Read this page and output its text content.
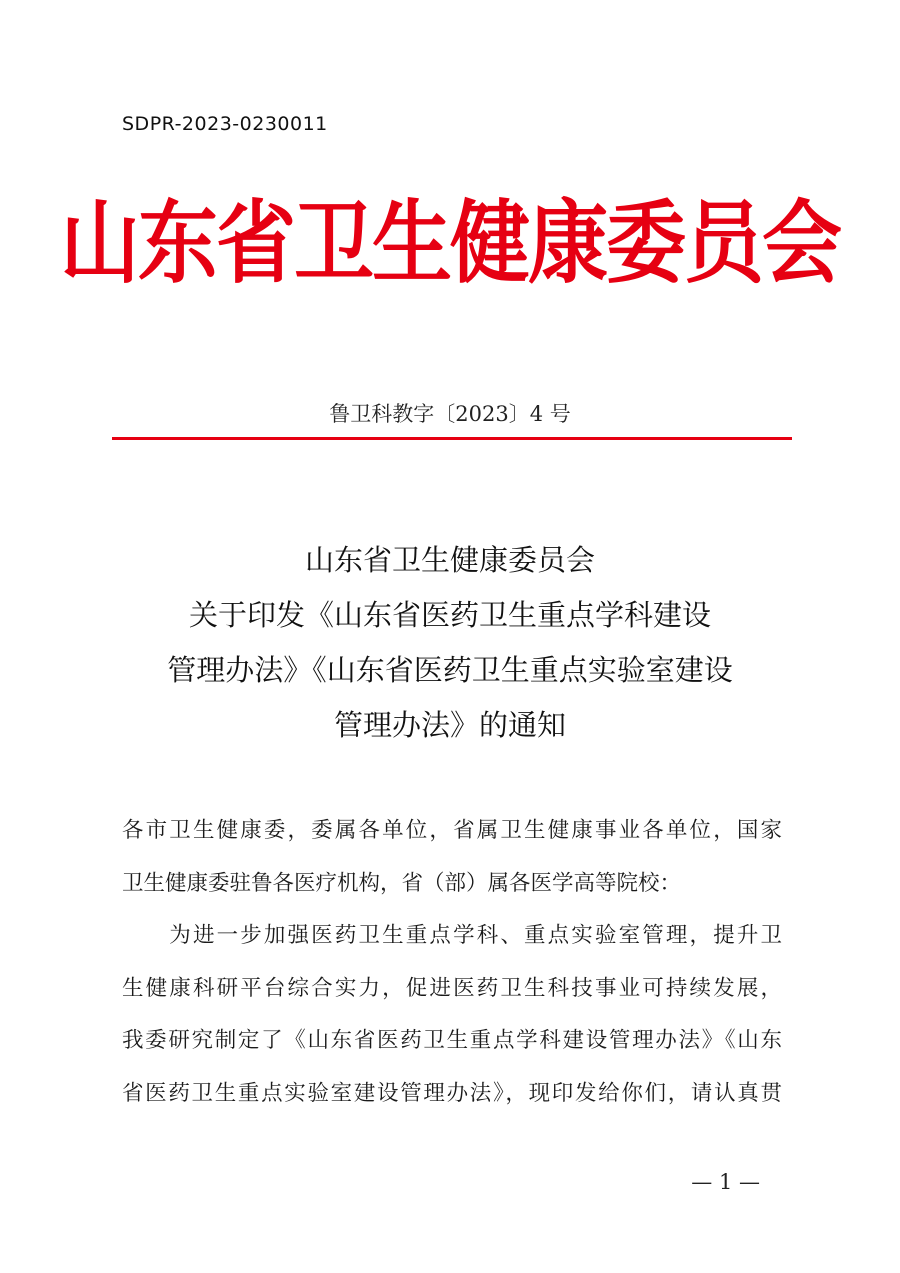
SDPR-2023-0230011
山东省卫生健康委员会
鲁卫科教字〔2023〕4 号
山东省卫生健康委员会
关于印发《山东省医药卫生重点学科建设
管理办法》《山东省医药卫生重点实验室建设
管理办法》的通知
各市卫生健康委，委属各单位，省属卫生健康事业各单位，国家
卫生健康委驻鲁各医疗机构，省（部）属各医学高等院校：
　　为进一步加强医药卫生重点学科、重点实验室管理，提升卫
生健康科研平台综合实力，促进医药卫生科技事业可持续发展，
我委研究制定了《山东省医药卫生重点学科建设管理办法》《山东
省医药卫生重点实验室建设管理办法》，现印发给你们，请认真贯
— 1 —
